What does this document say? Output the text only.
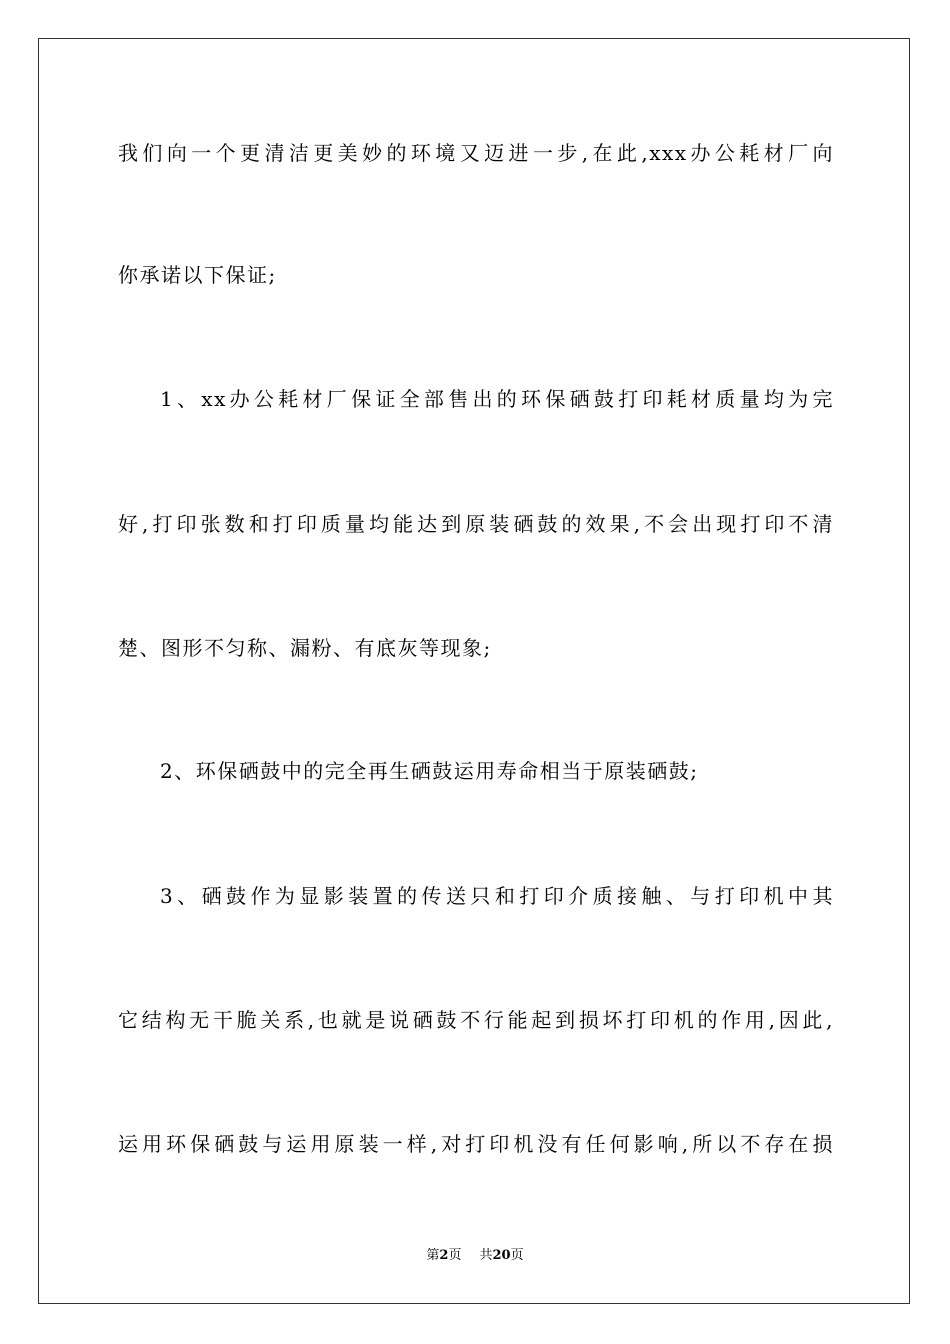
我们向一个更清洁更美妙的环境又迈进一步,在此,xxx办公耗材厂向
你承诺以下保证;
1、xx办公耗材厂保证全部售出的环保硒鼓打印耗材质量均为完
好,打印张数和打印质量均能达到原装硒鼓的效果,不会出现打印不清
楚、图形不匀称、漏粉、有底灰等现象;
2、环保硒鼓中的完全再生硒鼓运用寿命相当于原装硒鼓;
3、硒鼓作为显影装置的传送只和打印介质接触、与打印机中其
它结构无干脆关系,也就是说硒鼓不行能起到损坏打印机的作用,因此,
运用环保硒鼓与运用原装一样,对打印机没有任何影响,所以不存在损
第2页 共20页
